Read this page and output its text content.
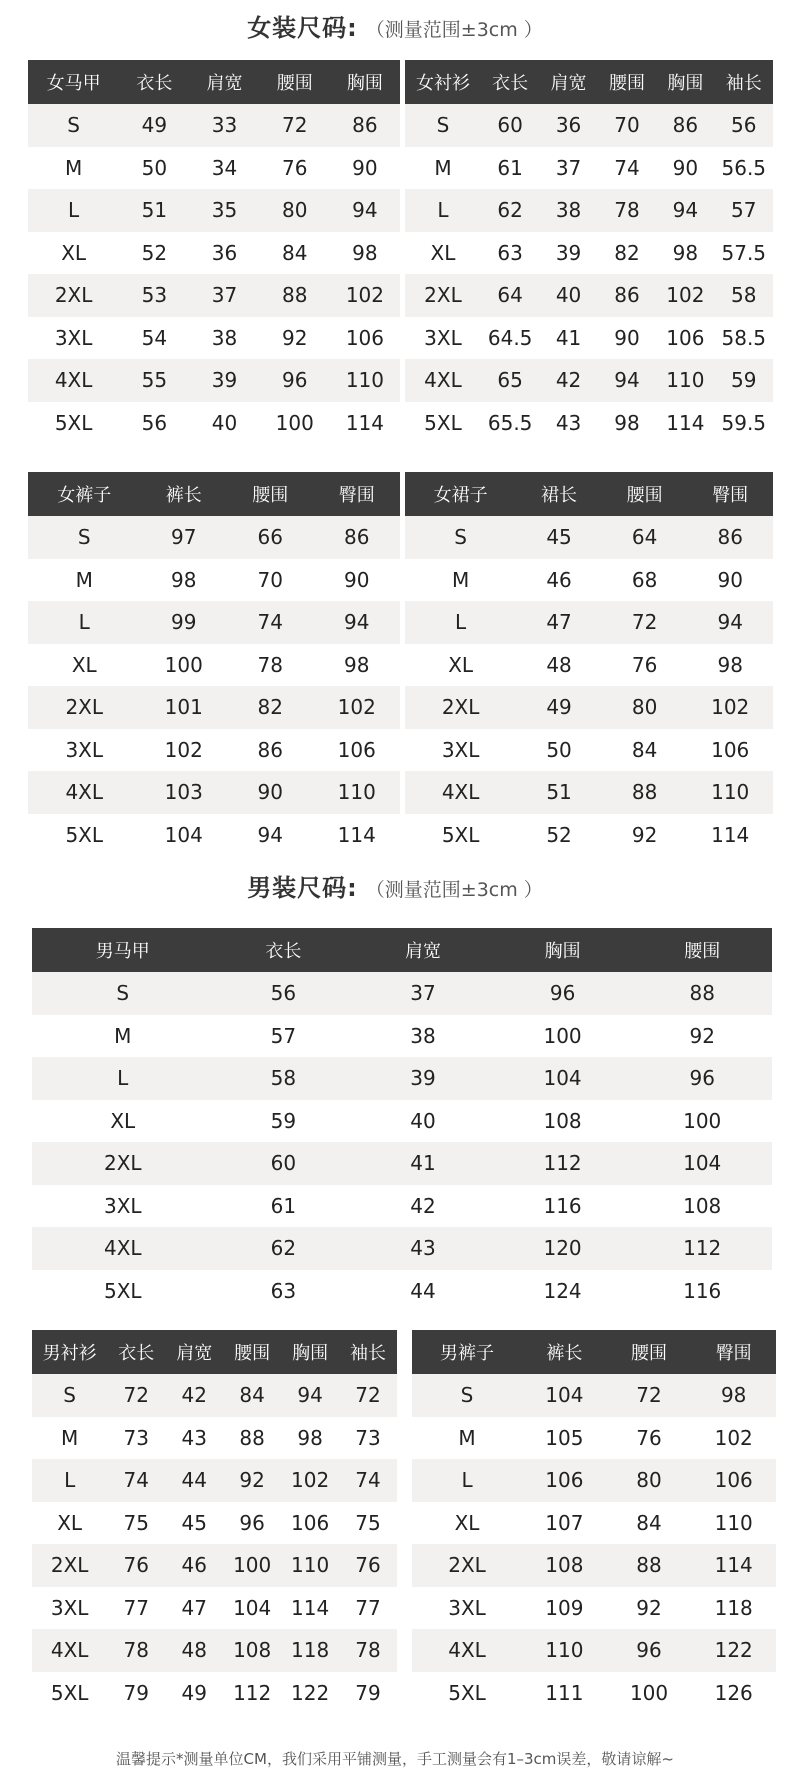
女装尺码: （测量范围±3cm ）
女马甲	衣长	肩宽	腰围	胸围
S	49	33	72	86
M	50	34	76	90
L	51	35	80	94
XL	52	36	84	98
2XL	53	37	88	102
3XL	54	38	92	106
4XL	55	39	96	110
5XL	56	40	100	114
女衬衫	衣长	肩宽	腰围	胸围	袖长
S	60	36	70	86	56
M	61	37	74	90	56.5
L	62	38	78	94	57
XL	63	39	82	98	57.5
2XL	64	40	86	102	58
3XL	64.5	41	90	106 58.5
4XL	65	42	94	110	59
5XL	65.5	43	98	114 59.5
女裤子	裤长	腰围	臀围
S	97	66	86
M	98	70	90
L	99	74	94
XL	100	78	98
2XL	101	82	102
3XL	102	86	106
4XL	103	90	110
5XL	104	94	114
女裙子	裙长	腰围	臀围
S	45	64	86
M	46	68	90
L	47	72	94
XL	48	76	98
2XL	49	80	102
3XL	50	84	106
4XL	51	88	110
5XL	52	92	114
男装尺码: （测量范围±3cm ）
男马甲	衣长	肩宽	胸围	腰围
S	56	37	96	88
M	57	38	100	92
L	58	39	104	96
XL	59	40	108	100
2XL	60	41	112	104
3XL	61	42	116	108
4XL	62	43	120	112
5XL	63	44	124	116
男衬衫	衣长	肩宽	腰围	胸围	袖长
S	72	42	84	94	72
M	73	43	88	98	73
L	74	44	92	102	74
XL	75	45	96	106	75
2XL	76	46	100 110	76
3XL	77	47	104 114	77
4XL	78	48	108 118	78
5XL	79	49	112 122	79
男裤子	裤长	腰围	臀围
S	104	72	98
M	105	76	102
L	106	80	106
XL	107	84	110
2XL	108	88	114
3XL	109	92	118
4XL	110	96	122
5XL	111	100	126
温馨提示*测量单位CM，我们采用平铺测量，手工测量会有1–3cm误差，敬请谅解~
